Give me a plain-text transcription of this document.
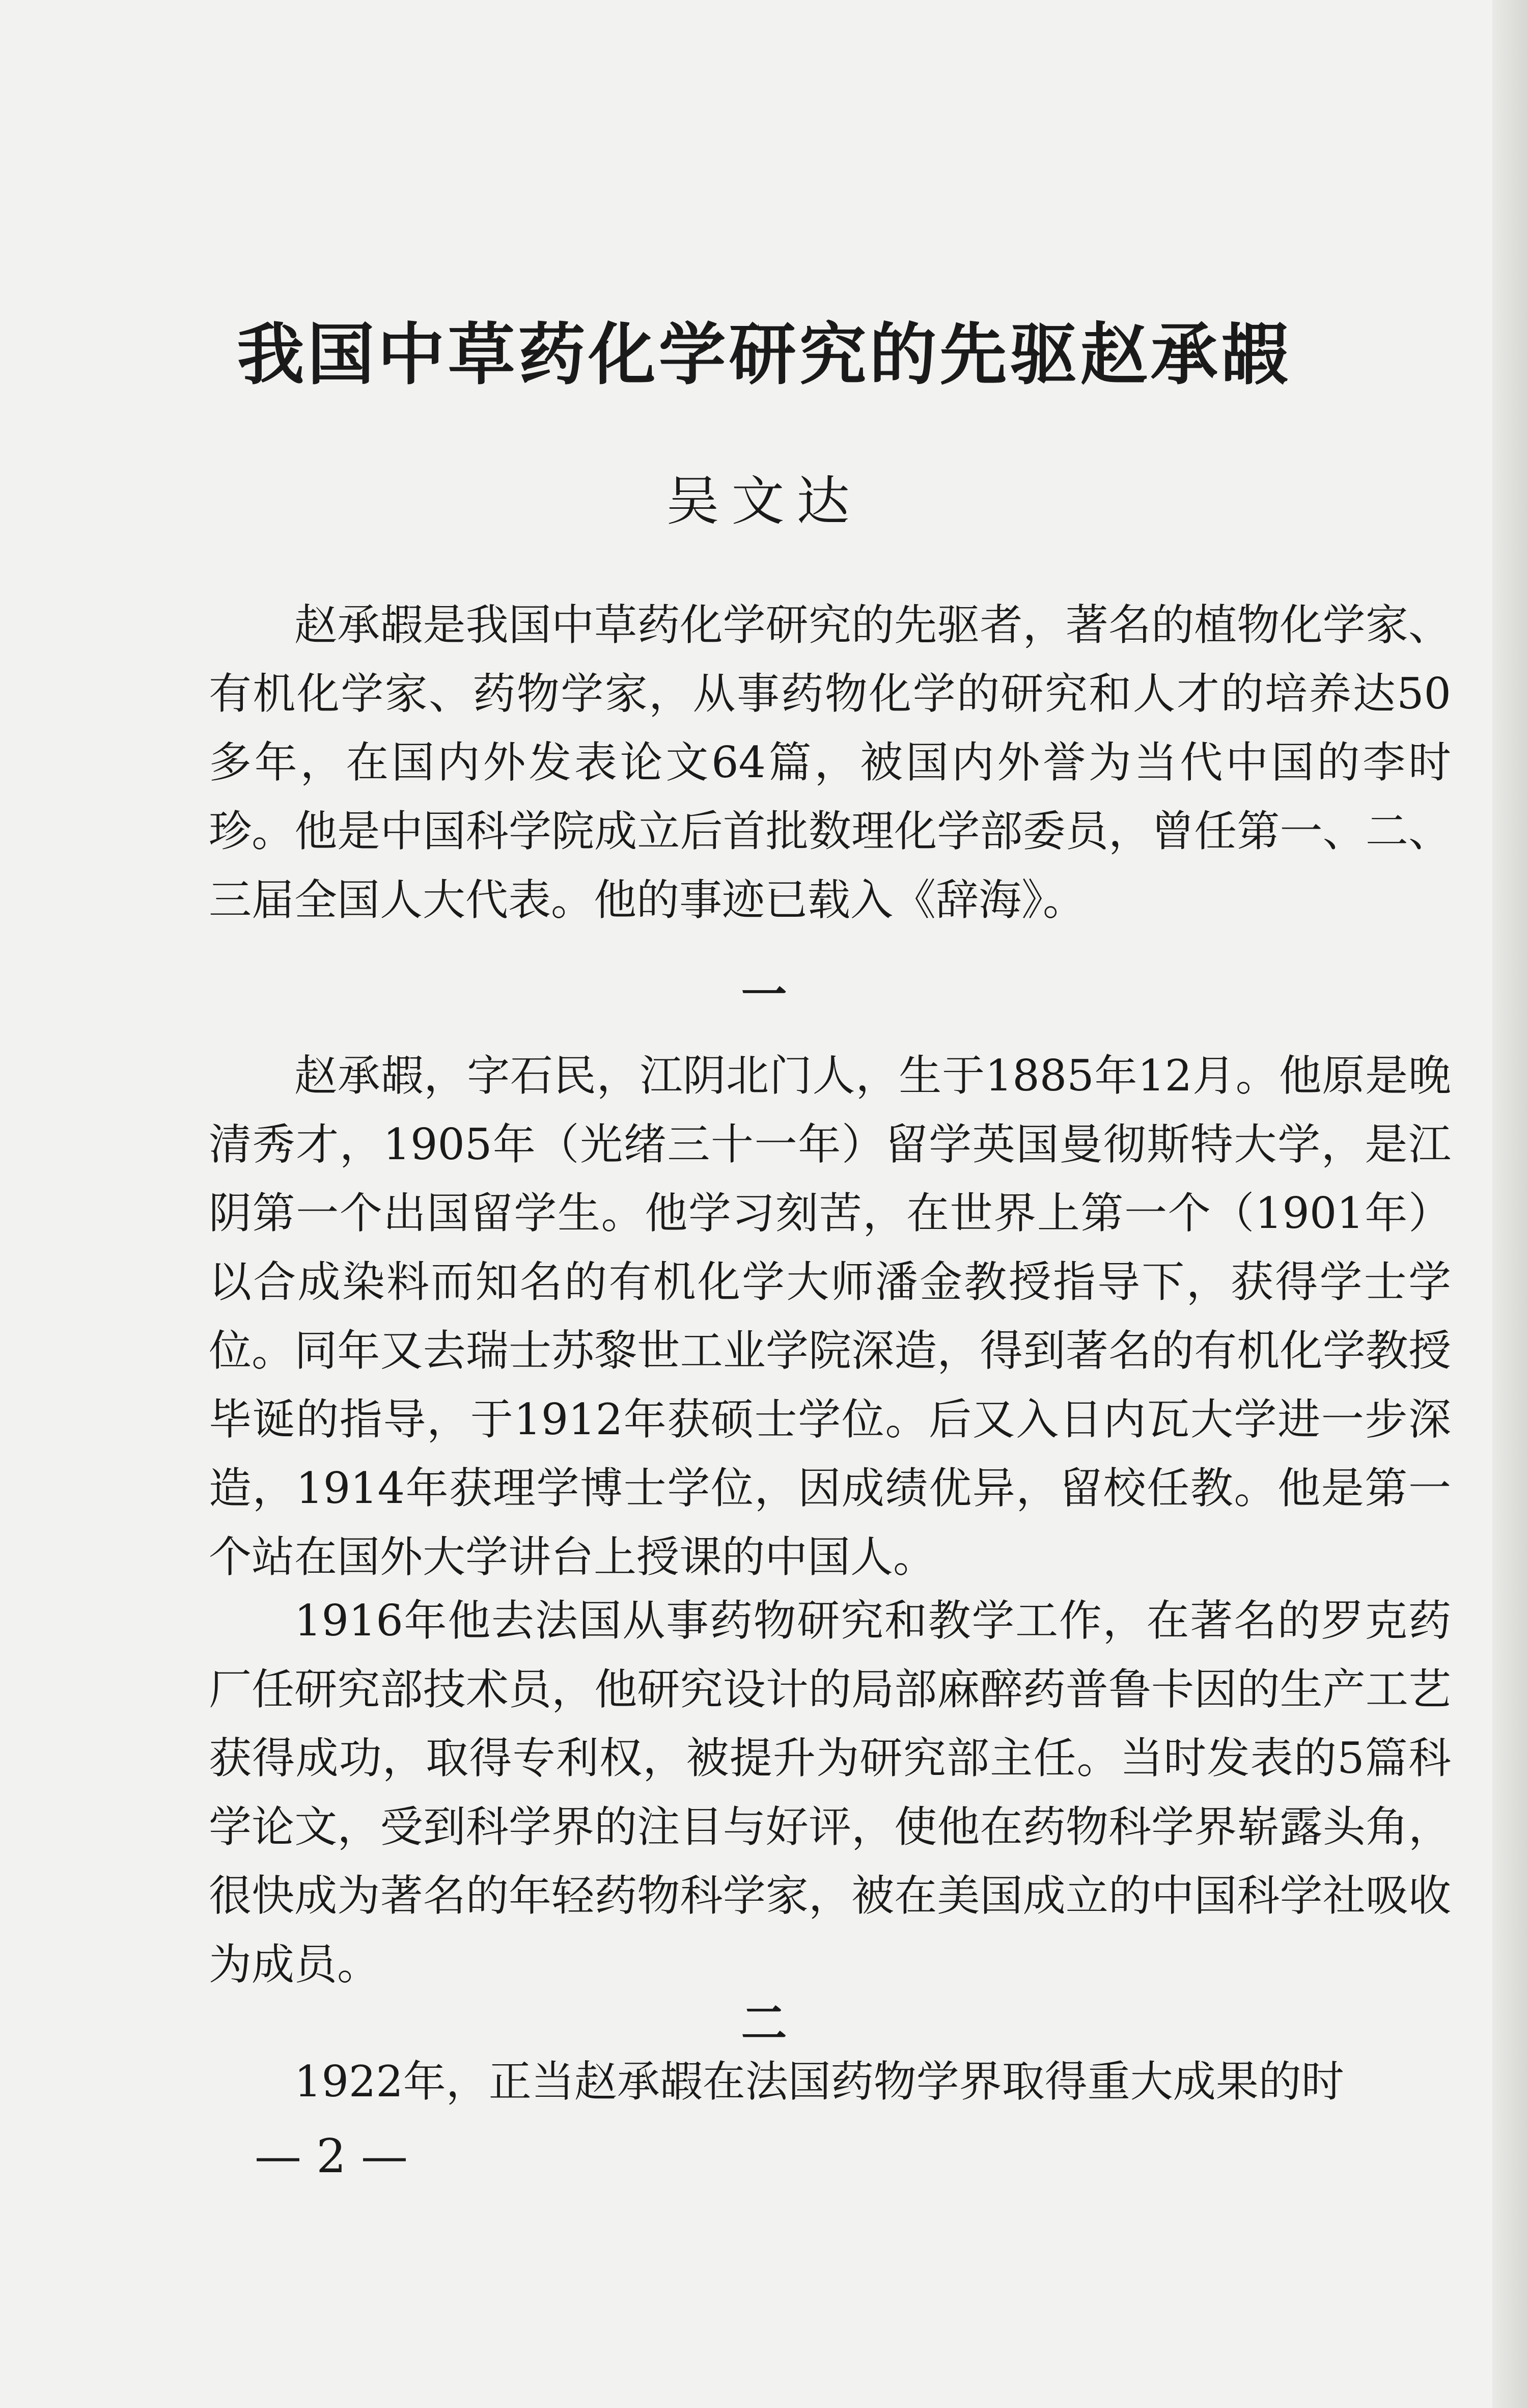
我国中草药化学研究的先驱赵承嘏
吴文达
赵承嘏是我国中草药化学研究的先驱者，著名的植物化学家、有机化学家、药物学家，从事药物化学的研究和人才的培养达50多年，在国内外发表论文64篇，被国内外誉为当代中国的李时珍。他是中国科学院成立后首批数理化学部委员，曾任第一、二、三届全国人大代表。他的事迹已载入《辞海》。
一
赵承嘏，字石民，江阴北门人，生于1885年12月。他原是晚清秀才，1905年（光绪三十一年）留学英国曼彻斯特大学，是江阴第一个出国留学生。他学习刻苦，在世界上第一个（1901年）以合成染料而知名的有机化学大师潘金教授指导下，获得学士学位。同年又去瑞士苏黎世工业学院深造，得到著名的有机化学教授毕诞的指导，于1912年获硕士学位。后又入日内瓦大学进一步深造，1914年获理学博士学位，因成绩优异，留校任教。他是第一个站在国外大学讲台上授课的中国人。
1916年他去法国从事药物研究和教学工作，在著名的罗克药厂任研究部技术员，他研究设计的局部麻醉药普鲁卡因的生产工艺获得成功，取得专利权，被提升为研究部主任。当时发表的5篇科学论文，受到科学界的注目与好评，使他在药物科学界崭露头角，很快成为著名的年轻药物科学家，被在美国成立的中国科学社吸收为成员。
二
1922年，正当赵承嘏在法国药物学界取得重大成果的时
— 2 —
